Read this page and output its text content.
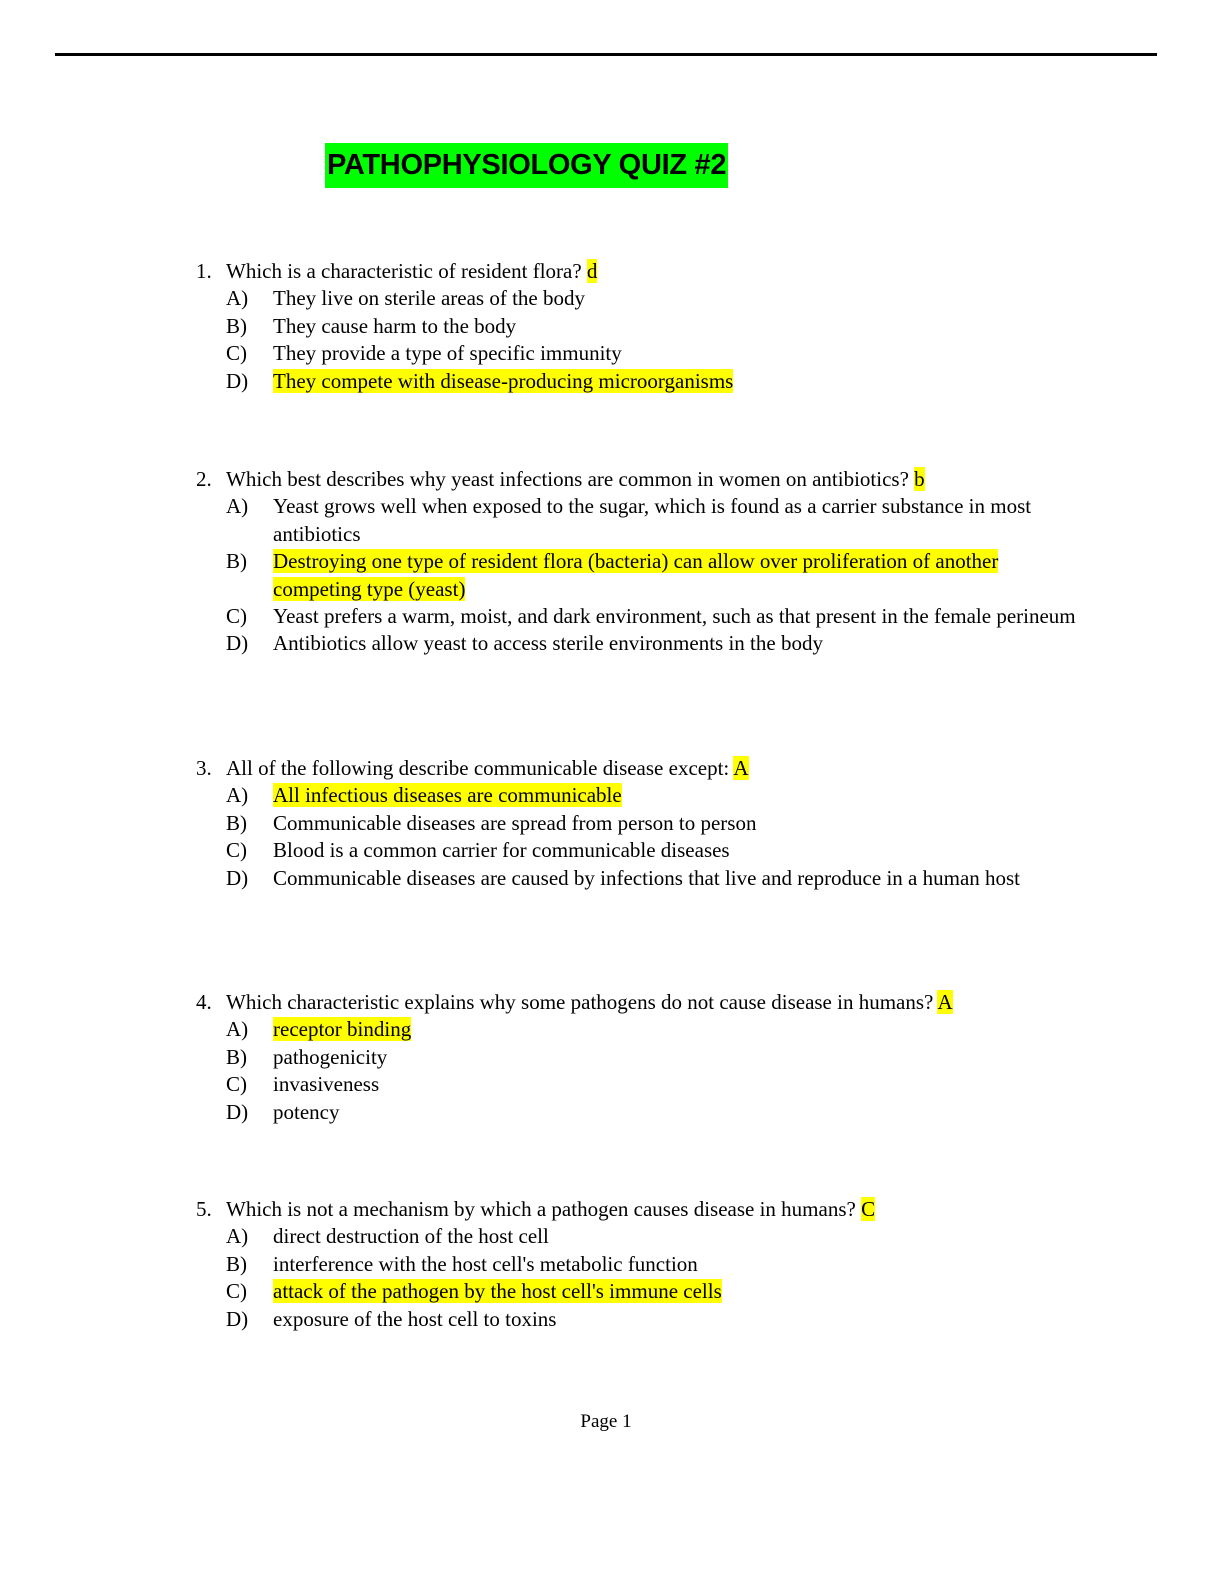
PATHOPHYSIOLOGY QUIZ #2
1. Which is a characteristic of resident flora? d
A) They live on sterile areas of the body
B) They cause harm to the body
C) They provide a type of specific immunity
D) They compete with disease-producing microorganisms
2. Which best describes why yeast infections are common in women on antibiotics? b
A) Yeast grows well when exposed to the sugar, which is found as a carrier substance in most antibiotics
B) Destroying one type of resident flora (bacteria) can allow over proliferation of another competing type (yeast)
C) Yeast prefers a warm, moist, and dark environment, such as that present in the female perineum
D) Antibiotics allow yeast to access sterile environments in the body
3. All of the following describe communicable disease except: A
A) All infectious diseases are communicable
B) Communicable diseases are spread from person to person
C) Blood is a common carrier for communicable diseases
D) Communicable diseases are caused by infections that live and reproduce in a human host
4. Which characteristic explains why some pathogens do not cause disease in humans? A
A) receptor binding
B) pathogenicity
C) invasiveness
D) potency
5. Which is not a mechanism by which a pathogen causes disease in humans? C
A) direct destruction of the host cell
B) interference with the host cell's metabolic function
C) attack of the pathogen by the host cell's immune cells
D) exposure of the host cell to toxins
Page 1
